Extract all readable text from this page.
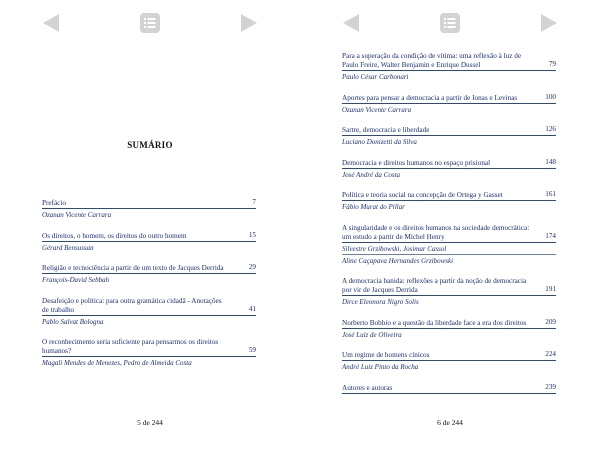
SUMÁRIO
Prefácio	7
Ozanan Vicente Carrara
Os direitos, o homem, os direitos do outro homem	15
Gérard Bensussan
Religião e tecnociência a partir de um texto de Jacques Derrida	29
François-David Sebbah
Desafeição e política: para outra gramática cidadã - Anotações de trabalho	41
Pablo Salvat Bologna
O reconhecimento seria suficiente para pensarmos os direitos humanos?	59
Magali Mendes de Menezes, Pedro de Almeida Costa
5 de 244
Para a superação da condição de vítima: uma reflexão à luz de Paulo Freire, Walter Benjamin e Enrique Dussel	79
Paulo César Carbonari
Aportes para pensar a democracia a partir de Ionas e Levinas	100
Ozanan Vicente Carrara
Sartre, democracia e liberdade	126
Luciano Donizetti da Silva
Democracia e direitos humanos no espaço prisional	148
José André da Costa
Política e teoria social na concepção de Ortega y Gasset	161
Fábio Murat do Pillar
A singularidade e os direitos humanos na sociedade democrática: um estudo a partir de Michel Henry	174
Silvestre Grzibowski, Josimar Cassol
Aline Caçapava Hernandes Grzibowski
A democracia banida: reflexões a partir da noção de democracia por vir de Jacques Derrida	191
Dirce Eleonora Nigro Solis
Norberto Bobbio e a questão da liberdade face a era dos direitos	209
José Luiz de Oliveira
Um regime de homens cínicos	224
André Luiz Pinto da Rocha
Autores e autoras	239
6 de 244
